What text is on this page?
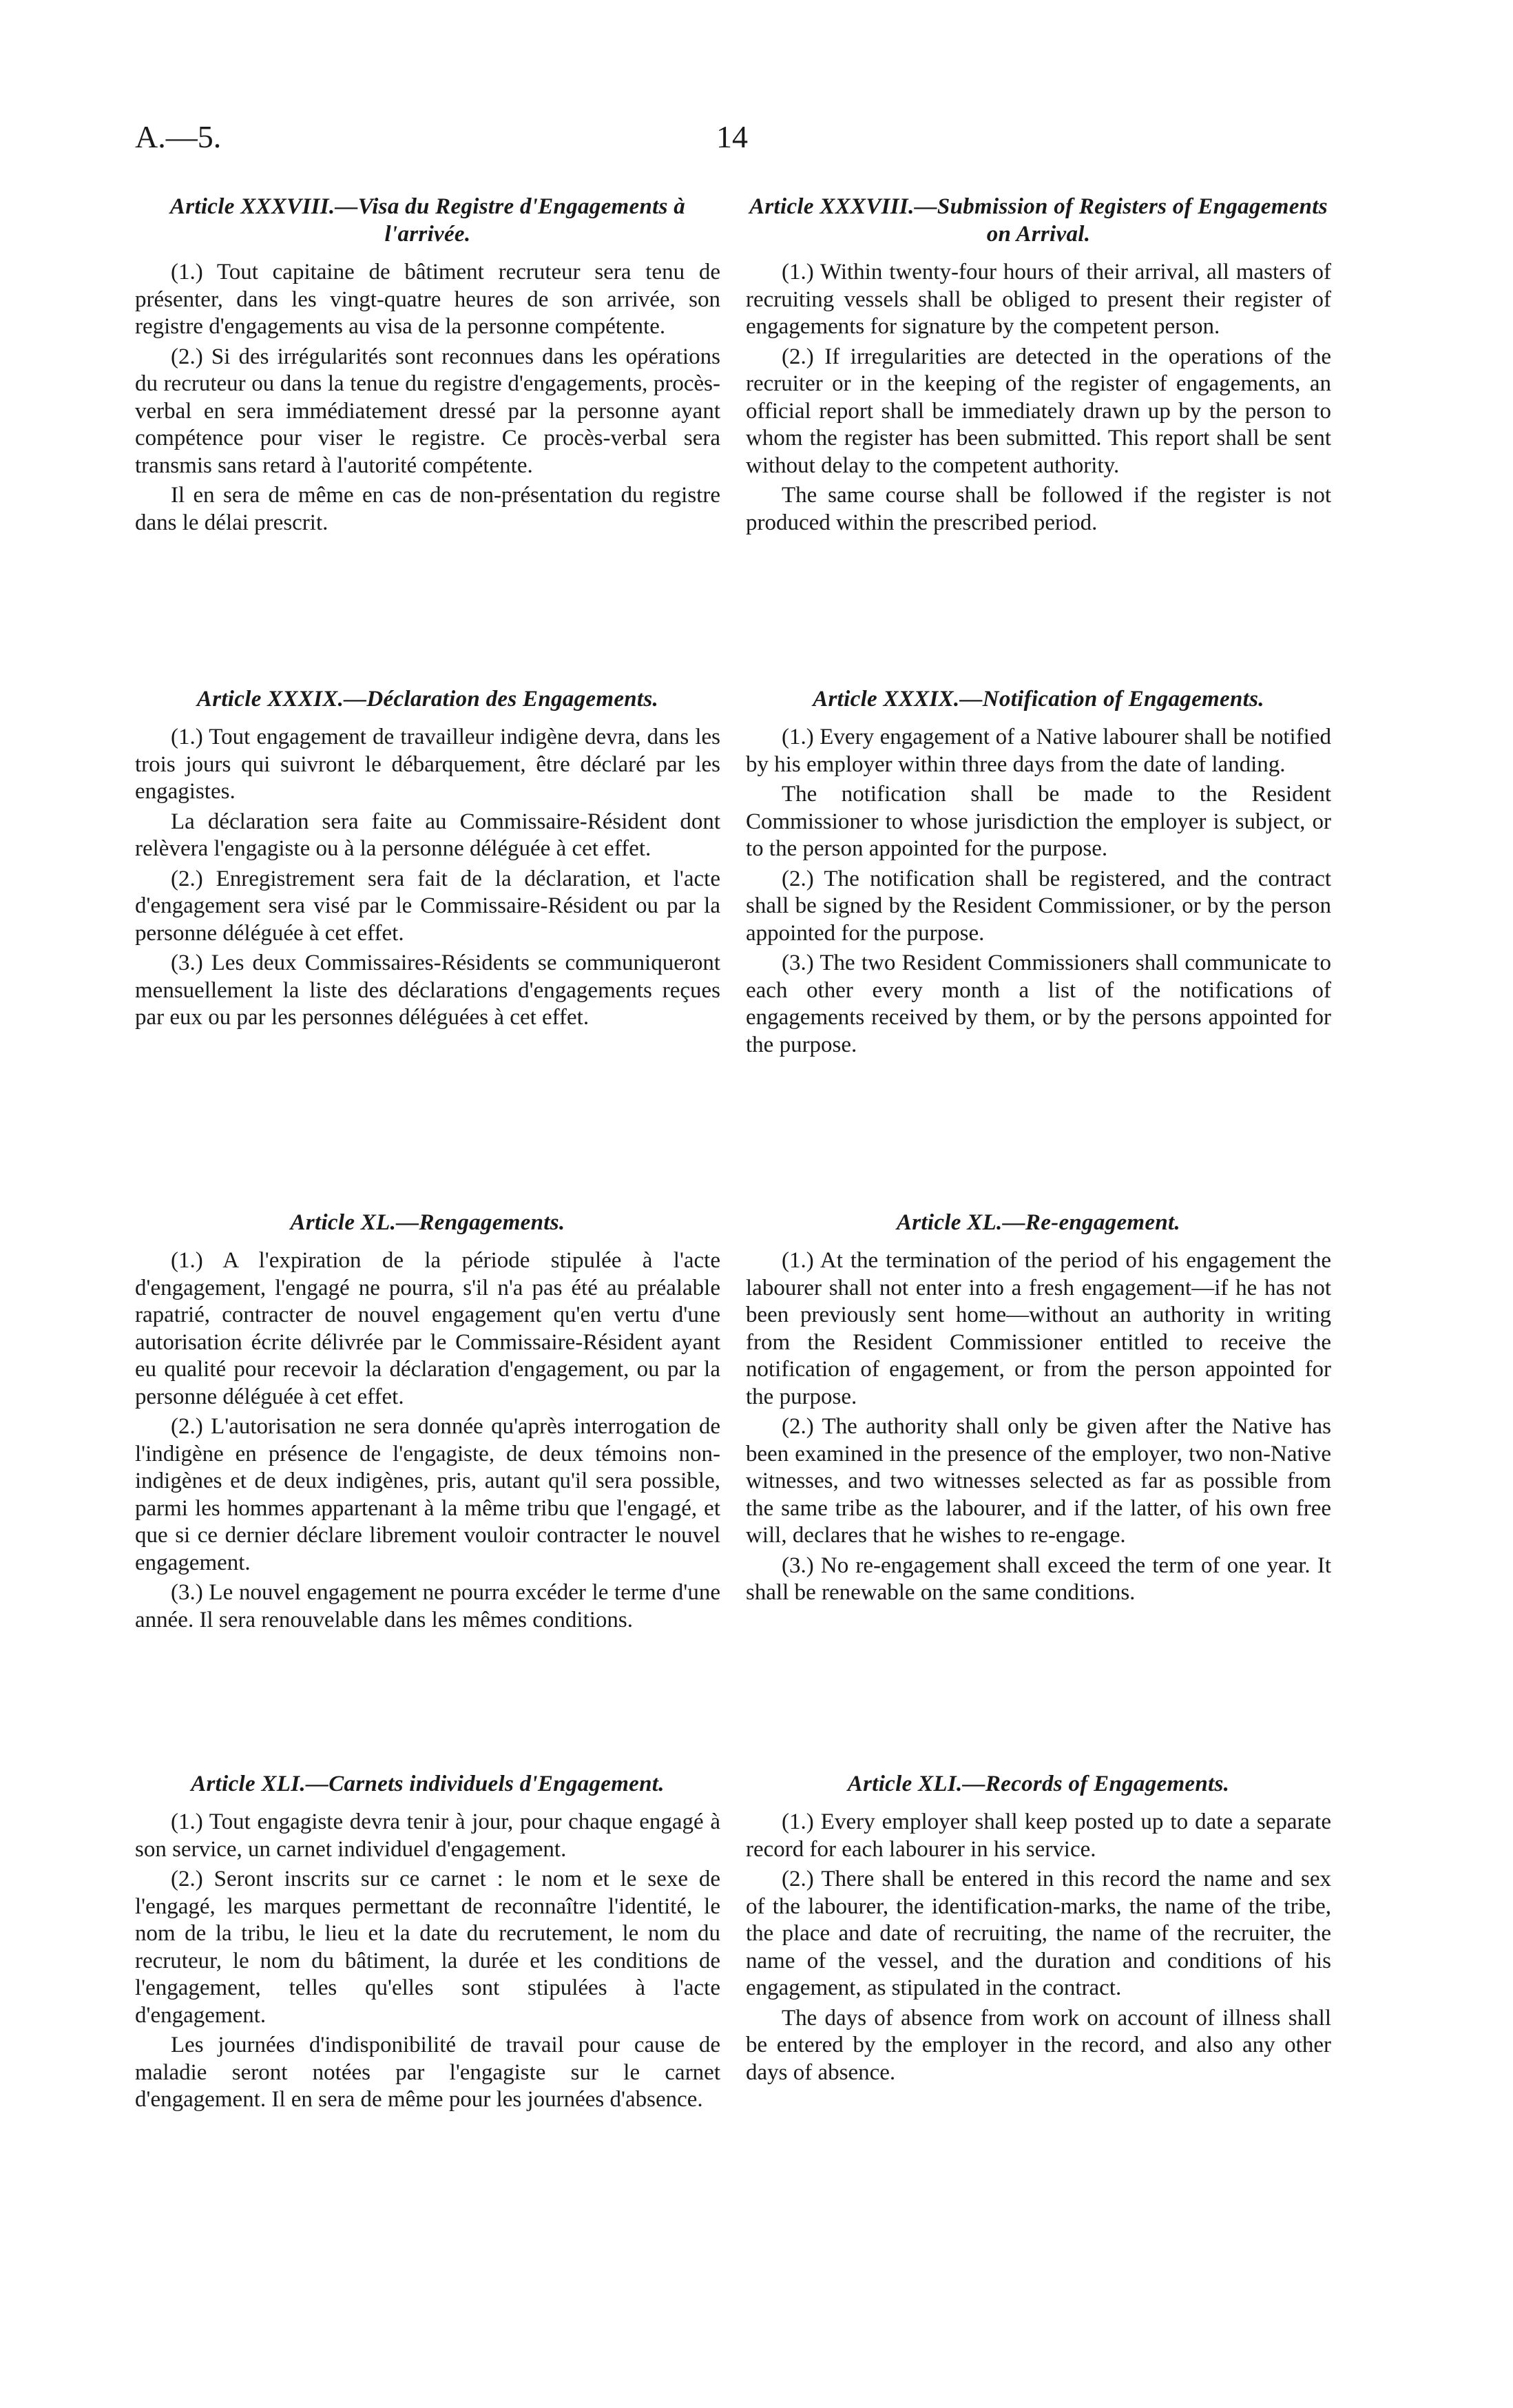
A.—5.	14
Article XXXVIII.—Visa du Registre d'Engagements à l'arrivée.

(1.) Tout capitaine de bâtiment recruteur sera tenu de présenter, dans les vingt-quatre heures de son arrivée, son registre d'engagements au visa de la personne compétente.

(2.) Si des irrégularités sont reconnues dans les opérations du recruteur ou dans la tenue du registre d'engagements, procès-verbal en sera immédiatement dressé par la personne ayant compétence pour viser le registre. Ce procès-verbal sera transmis sans retard à l'autorité compétente.

Il en sera de même en cas de non-présentation du registre dans le délai prescrit.

Article XXXIX.—Déclaration des Engagements.

(1.) Tout engagement de travailleur indigène devra, dans les trois jours qui suivront le débarquement, être déclaré par les engagistes.

La déclaration sera faite au Commissaire-Résident dont relèvera l'engagiste ou à la personne déléguée à cet effet.

(2.) Enregistrement sera fait de la déclaration, et l'acte d'engagement sera visé par le Commissaire-Résident ou par la personne déléguée à cet effet.

(3.) Les deux Commissaires-Résidents se communiqueront mensuellement la liste des déclarations d'engagements reçues par eux ou par les personnes déléguées à cet effet.

Article XL.—Rengagements.

(1.) A l'expiration de la période stipulée à l'acte d'engagement, l'engagé ne pourra, s'il n'a pas été au préalable rapatrié, contracter de nouvel engagement qu'en vertu d'une autorisation écrite délivrée par le Commissaire-Résident ayant eu qualité pour recevoir la déclaration d'engagement, ou par la personne déléguée à cet effet.

(2.) L'autorisation ne sera donnée qu'après interrogation de l'indigène en présence de l'engagiste, de deux témoins non-indigènes et de deux indigènes, pris, autant qu'il sera possible, parmi les hommes appartenant à la même tribu que l'engagé, et que si ce dernier déclare librement vouloir contracter le nouvel engagement.

(3.) Le nouvel engagement ne pourra excéder le terme d'une année. Il sera renouvelable dans les mêmes conditions.

Article XLI.—Carnets individuels d'Engagement.

(1.) Tout engagiste devra tenir à jour, pour chaque engagé à son service, un carnet individuel d'engagement.

(2.) Seront inscrits sur ce carnet : le nom et le sexe de l'engagé, les marques permettant de reconnaître l'identité, le nom de la tribu, le lieu et la date du recrutement, le nom du recruteur, le nom du bâtiment, la durée et les conditions de l'engagement, telles qu'elles sont stipulées à l'acte d'engagement.

Les journées d'indisponibilité de travail pour cause de maladie seront notées par l'engagiste sur le carnet d'engagement. Il en sera de même pour les journées d'absence.

Article XXXVIII.—Submission of Registers of Engagements on Arrival.

(1.) Within twenty-four hours of their arrival, all masters of recruiting vessels shall be obliged to present their register of engagements for signature by the competent person.

(2.) If irregularities are detected in the operations of the recruiter or in the keeping of the register of engagements, an official report shall be immediately drawn up by the person to whom the register has been submitted. This report shall be sent without delay to the competent authority.

The same course shall be followed if the register is not produced within the prescribed period.

Article XXXIX.—Notification of Engagements.

(1.) Every engagement of a Native labourer shall be notified by his employer within three days from the date of landing.

The notification shall be made to the Resident Commissioner to whose jurisdiction the employer is subject, or to the person appointed for the purpose.

(2.) The notification shall be registered, and the contract shall be signed by the Resident Commissioner, or by the person appointed for the purpose.

(3.) The two Resident Commissioners shall communicate to each other every month a list of the notifications of engagements received by them, or by the persons appointed for the purpose.

Article XL.—Re-engagement.

(1.) At the termination of the period of his engagement the labourer shall not enter into a fresh engagement—if he has not been previously sent home—without an authority in writing from the Resident Commissioner entitled to receive the notification of engagement, or from the person appointed for the purpose.

(2.) The authority shall only be given after the Native has been examined in the presence of the employer, two non-Native witnesses, and two witnesses selected as far as possible from the same tribe as the labourer, and if the latter, of his own free will, declares that he wishes to re-engage.

(3.) No re-engagement shall exceed the term of one year. It shall be renewable on the same conditions.

Article XLI.—Records of Engagements.

(1.) Every employer shall keep posted up to date a separate record for each labourer in his service.

(2.) There shall be entered in this record the name and sex of the labourer, the identification-marks, the name of the tribe, the place and date of recruiting, the name of the recruiter, the name of the vessel, and the duration and conditions of his engagement, as stipulated in the contract.

The days of absence from work on account of illness shall be entered by the employer in the record, and also any other days of absence.
